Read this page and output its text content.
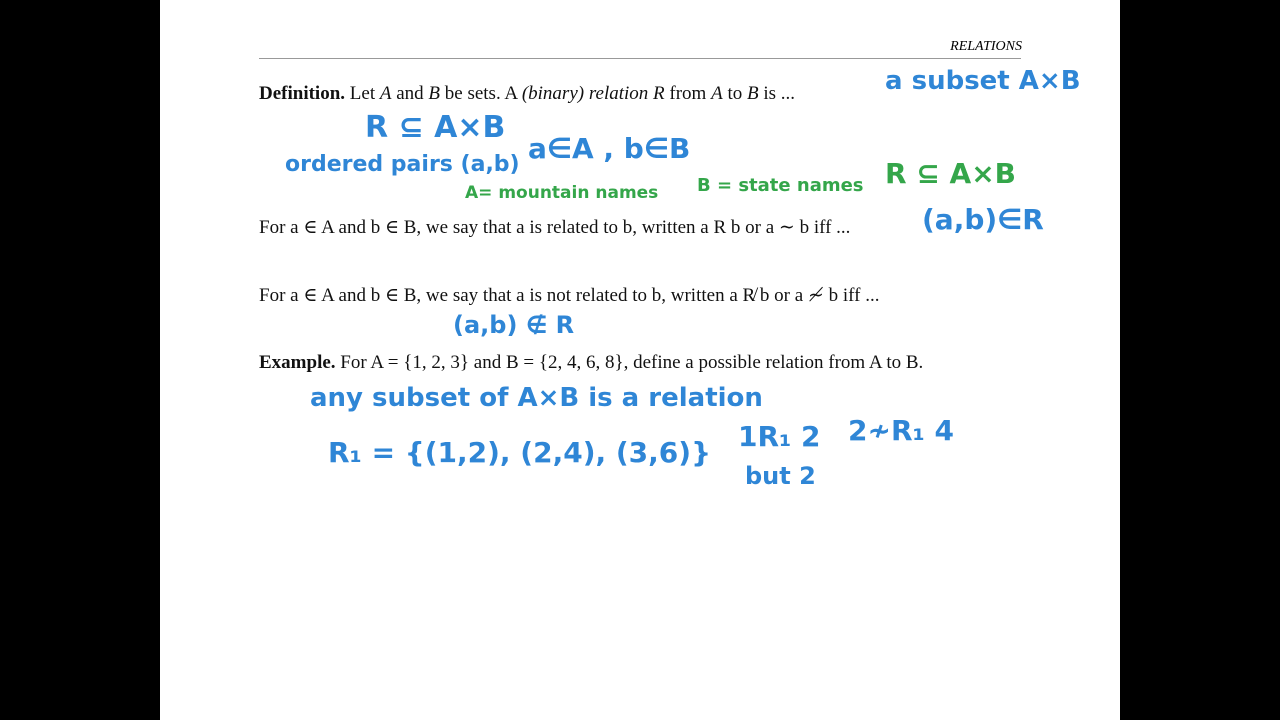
RELATIONS
Definition. Let A and B be sets. A (binary) relation R from A to B is ...
For a ∈ A and b ∈ B, we say that a is related to b, written a R b or a ∼ b iff ...
For a ∈ A and b ∈ B, we say that a is not related to b, written a R̸ b or a ≁ b iff ...
Example. For A = {1, 2, 3} and B = {2, 4, 6, 8}, define a possible relation from A to B.
a subset A×B
R ⊆ A×B
ordered pairs (a,b) a∈A , b∈B
A= mountain names B = state names R ⊆ A×B
(a,b)∈R
(a,b) ∉ R
any subset of A×B is a relation
R₁ = {(1,2), (2,4), (3,6)} 1R₁ 2 2≁R₁ 4
but 2
